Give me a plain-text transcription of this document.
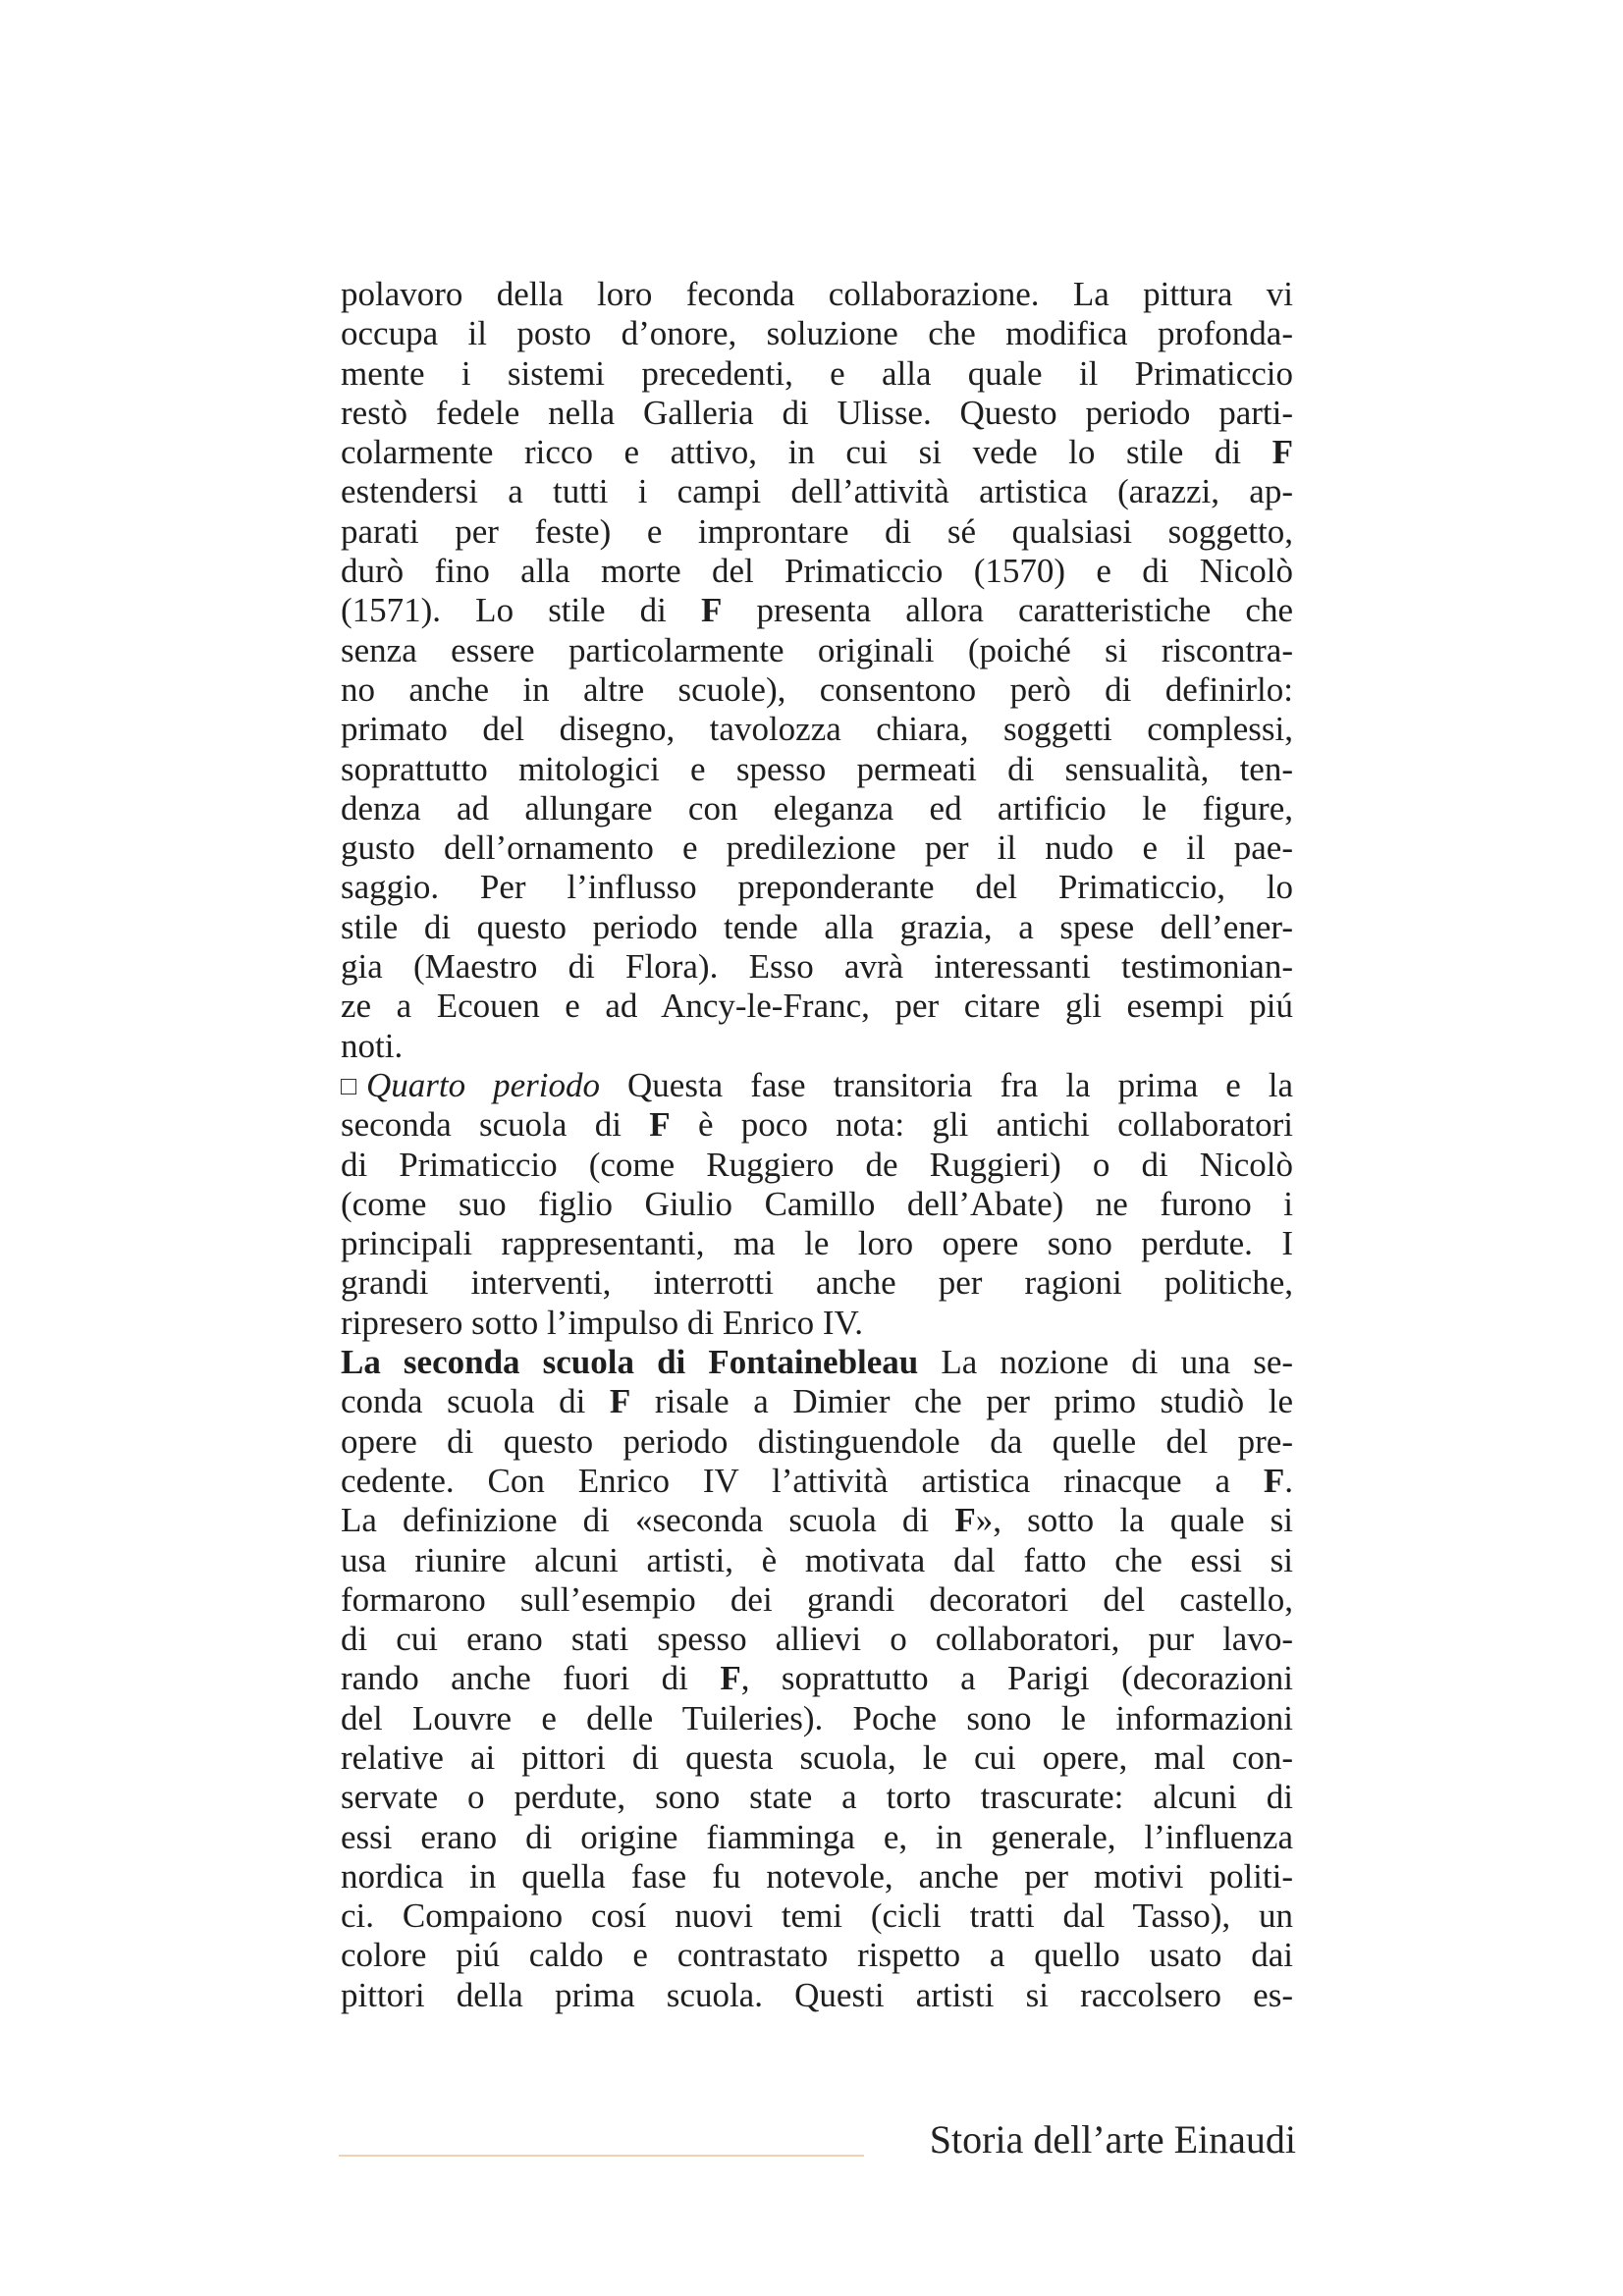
polavoro della loro feconda collaborazione. La pittura vi
occupa il posto d’onore, soluzione che modifica profonda-
mente i sistemi precedenti, e alla quale il Primaticcio
restò fedele nella Galleria di Ulisse. Questo periodo parti-
colarmente ricco e attivo, in cui si vede lo stile di F
estendersi a tutti i campi dell’attività artistica (arazzi, ap-
parati per feste) e improntare di sé qualsiasi soggetto,
durò fino alla morte del Primaticcio (1570) e di Nicolò
(1571). Lo stile di F presenta allora caratteristiche che
senza essere particolarmente originali (poiché si riscontra-
no anche in altre scuole), consentono però di definirlo:
primato del disegno, tavolozza chiara, soggetti complessi,
soprattutto mitologici e spesso permeati di sensualità, ten-
denza ad allungare con eleganza ed artificio le figure,
gusto dell’ornamento e predilezione per il nudo e il pae-
saggio. Per l’influsso preponderante del Primaticcio, lo
stile di questo periodo tende alla grazia, a spese dell’ener-
gia (Maestro di Flora). Esso avrà interessanti testimonian-
ze a Ecouen e ad Ancy-le-Franc, per citare gli esempi piú
noti.
Quarto periodo Questa fase transitoria fra la prima e la
seconda scuola di F è poco nota: gli antichi collaboratori
di Primaticcio (come Ruggiero de Ruggieri) o di Nicolò
(come suo figlio Giulio Camillo dell’Abate) ne furono i
principali rappresentanti, ma le loro opere sono perdute. I
grandi interventi, interrotti anche per ragioni politiche,
ripresero sotto l’impulso di Enrico IV.
La seconda scuola di Fontainebleau La nozione di una se-
conda scuola di F risale a Dimier che per primo studiò le
opere di questo periodo distinguendole da quelle del pre-
cedente. Con Enrico IV l’attività artistica rinacque a F.
La definizione di «seconda scuola di F», sotto la quale si
usa riunire alcuni artisti, è motivata dal fatto che essi si
formarono sull’esempio dei grandi decoratori del castello,
di cui erano stati spesso allievi o collaboratori, pur lavo-
rando anche fuori di F, soprattutto a Parigi (decorazioni
del Louvre e delle Tuileries). Poche sono le informazioni
relative ai pittori di questa scuola, le cui opere, mal con-
servate o perdute, sono state a torto trascurate: alcuni di
essi erano di origine fiamminga e, in generale, l’influenza
nordica in quella fase fu notevole, anche per motivi politi-
ci. Compaiono cosí nuovi temi (cicli tratti dal Tasso), un
colore piú caldo e contrastato rispetto a quello usato dai
pittori della prima scuola. Questi artisti si raccolsero es-
Storia dell’arte Einaudi
